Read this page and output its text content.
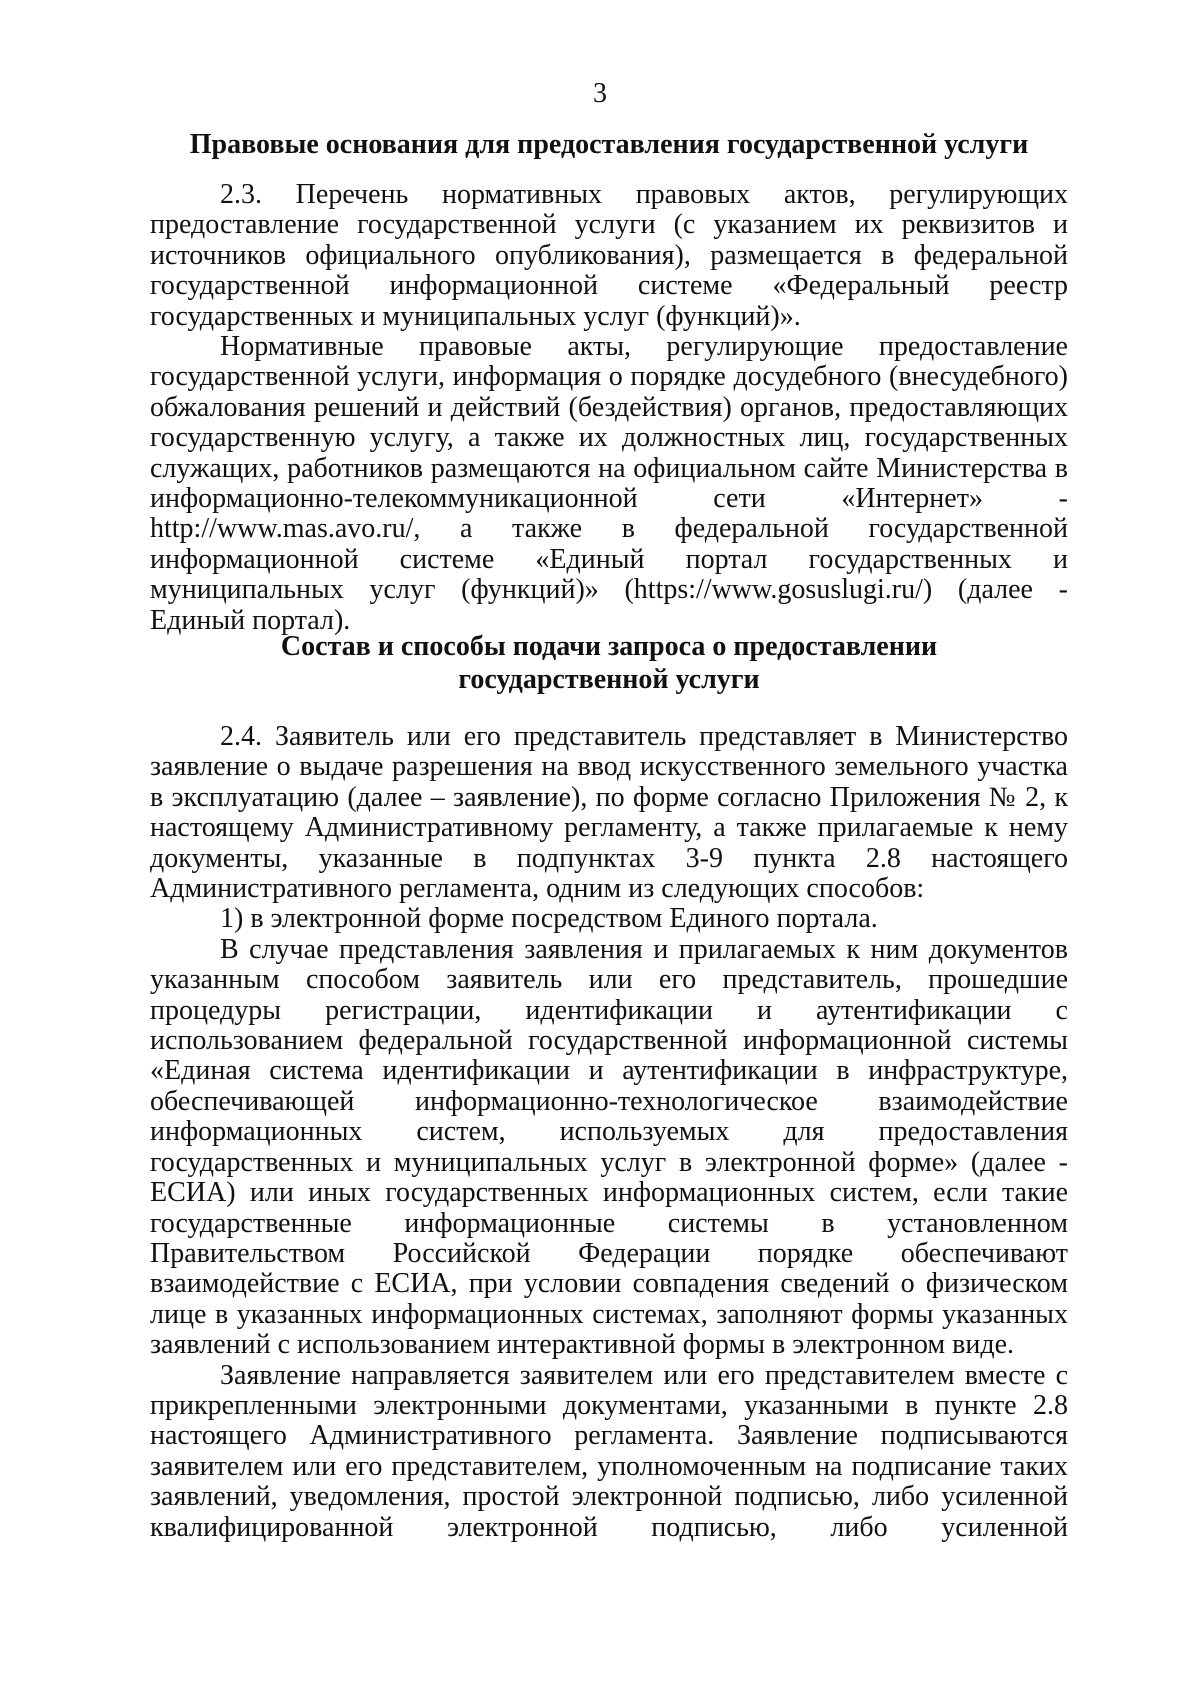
3
Правовые основания для предоставления государственной услуги

2.3. Перечень нормативных правовых актов, регулирующих предоставление государственной услуги (с указанием их реквизитов и источников официального опубликования), размещается в федеральной государственной информационной системе «Федеральный реестр государственных и муниципальных услуг (функций)».

Нормативные правовые акты, регулирующие предоставление государственной услуги, информация о порядке досудебного (внесудебного) обжалования решений и действий (бездействия) органов, предоставляющих государственную услугу, а также их должностных лиц, государственных служащих, работников размещаются на официальном сайте Министерства в информационно-телекоммуникационной сети «Интернет» - http://www.mas.avo.ru/, а также в федеральной государственной информационной системе «Единый портал государственных и муниципальных услуг (функций)» (https://www.gosuslugi.ru/) (далее - Единый портал).

Состав и способы подачи запроса о предоставлении
государственной услуги

2.4. Заявитель или его представитель представляет в Министерство заявление о выдаче разрешения на ввод искусственного земельного участка в эксплуатацию (далее – заявление), по форме согласно Приложения № 2, к настоящему Административному регламенту, а также прилагаемые к нему документы, указанные в подпунктах 3-9 пункта 2.8 настоящего Административного регламента, одним из следующих способов:

1) в электронной форме посредством Единого портала.

В случае представления заявления и прилагаемых к ним документов указанным способом заявитель или его представитель, прошедшие процедуры регистрации, идентификации и аутентификации с использованием федеральной государственной информационной системы «Единая система идентификации и аутентификации в инфраструктуре, обеспечивающей информационно-технологическое взаимодействие информационных систем, используемых для предоставления государственных и муниципальных услуг в электронной форме» (далее - ЕСИА) или иных государственных информационных систем, если такие государственные информационные системы в установленном Правительством Российской Федерации порядке обеспечивают взаимодействие с ЕСИА, при условии совпадения сведений о физическом лице в указанных информационных системах, заполняют формы указанных заявлений с использованием интерактивной формы в электронном виде.

Заявление направляется заявителем или его представителем вместе с прикрепленными электронными документами, указанными в пункте 2.8 настоящего Административного регламента. Заявление подписываются заявителем или его представителем, уполномоченным на подписание таких заявлений, уведомления, простой электронной подписью, либо усиленной квалифицированной электронной подписью, либо усиленной
